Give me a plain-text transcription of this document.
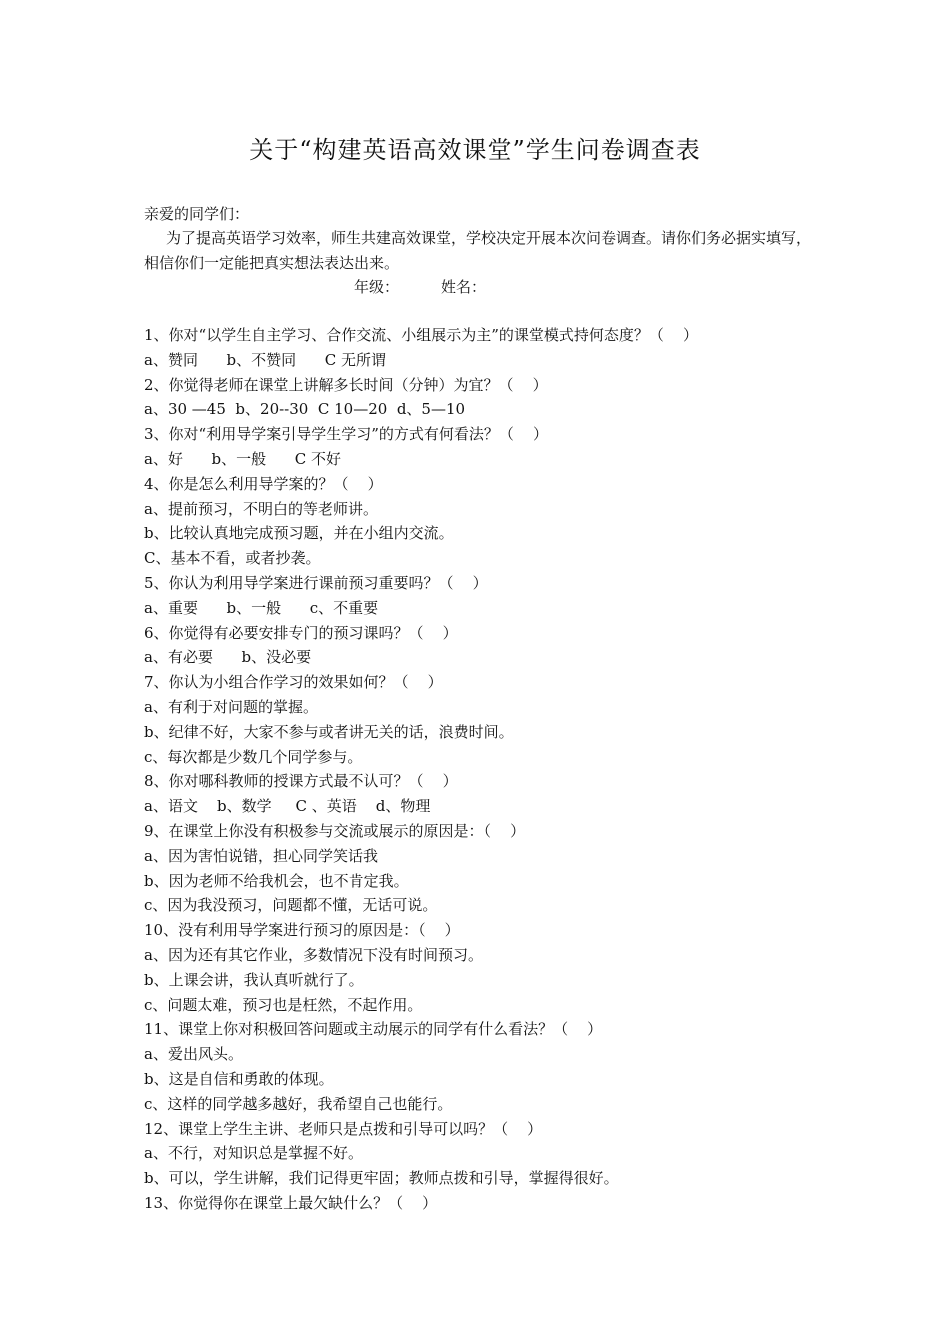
关于“构建英语高效课堂”学生问卷调查表
亲爱的同学们：
为了提高英语学习效率，师生共建高效课堂，学校决定开展本次问卷调查。请你们务必据实填写，相信你们一定能把真实想法表达出来。
年级：	姓名：
1、你对“以学生自主学习、合作交流、小组展示为主”的课堂模式持何态度？（    ）
a、赞同      b、不赞同      C 无所谓
2、你觉得老师在课堂上讲解多长时间（分钟）为宜？（    ）
a、30 —45  b、20--30  C 10—20  d、5—10
3、你对“利用导学案引导学生学习”的方式有何看法？（    ）
a、好      b、一般      C 不好
4、你是怎么利用导学案的？（    ）
a、提前预习，不明白的等老师讲。
b、比较认真地完成预习题，并在小组内交流。
C、基本不看，或者抄袭。
5、你认为利用导学案进行课前预习重要吗？（    ）
a、重要      b、一般      c、不重要
6、你觉得有必要安排专门的预习课吗？（    ）
a、有必要      b、没必要
7、你认为小组合作学习的效果如何？（    ）
a、有利于对问题的掌握。
b、纪律不好，大家不参与或者讲无关的话，浪费时间。
c、每次都是少数几个同学参与。
8、你对哪科教师的授课方式最不认可？（    ）
a、语文    b、数学     C 、英语    d、物理
9、在课堂上你没有积极参与交流或展示的原因是：（    ）
a、因为害怕说错，担心同学笑话我
b、因为老师不给我机会，也不肯定我。
c、因为我没预习，问题都不懂，无话可说。
10、没有利用导学案进行预习的原因是：（    ）
a、因为还有其它作业，多数情况下没有时间预习。
b、上课会讲，我认真听就行了。
c、问题太难，预习也是枉然，不起作用。
11、课堂上你对积极回答问题或主动展示的同学有什么看法？（    ）
a、爱出风头。
b、这是自信和勇敢的体现。
c、这样的同学越多越好，我希望自己也能行。
12、课堂上学生主讲、老师只是点拨和引导可以吗？（    ）
a、不行，对知识总是掌握不好。
b、可以，学生讲解，我们记得更牢固；教师点拨和引导，掌握得很好。
13、你觉得你在课堂上最欠缺什么？（    ）
